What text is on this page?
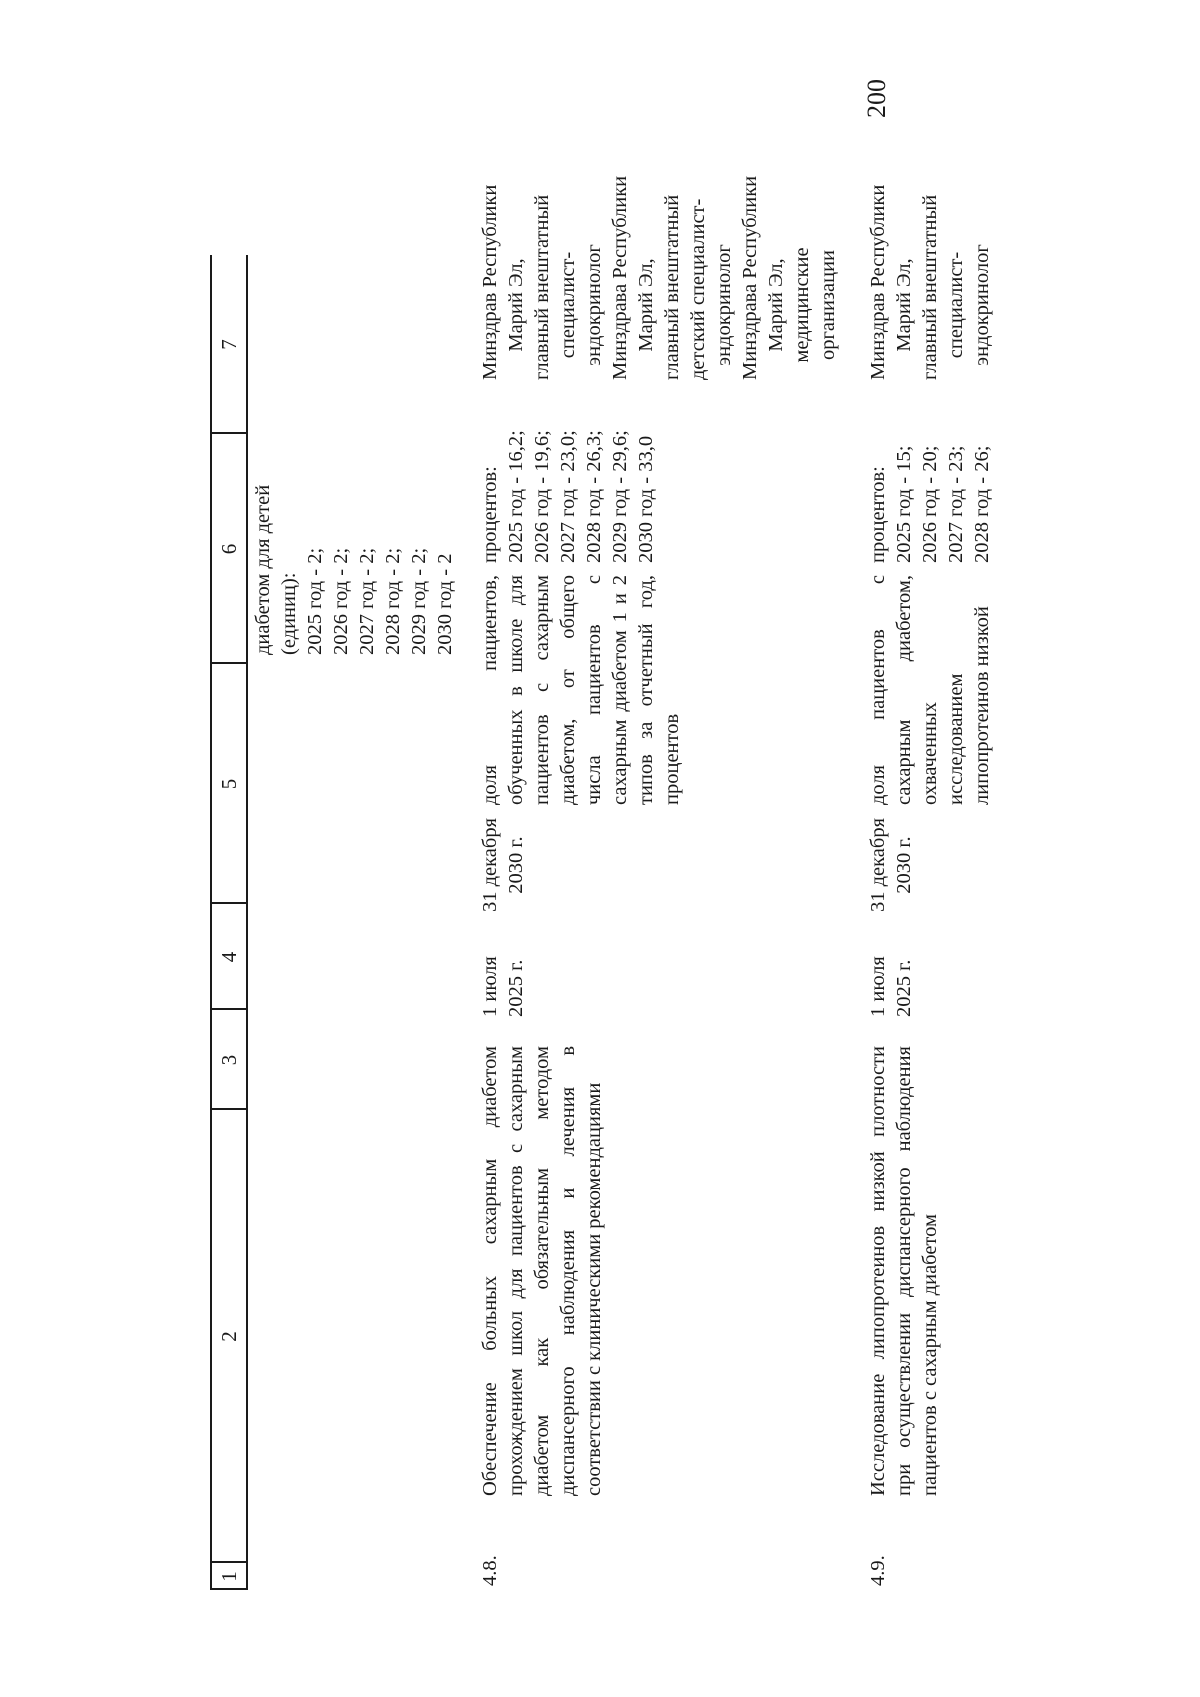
200
1
2
3
4
5
6
7
диабетом для детей (единиц): 2025 год - 2; 2026 год - 2; 2027 год - 2; 2028 год - 2; 2029 год - 2; 2030 год - 2
4.8.
Обеспечение больных сахарным диабетом прохождением школ для пациентов с сахарным диабетом как обязательным методом диспансерного наблюдения и лечения в соответствии с клиническими рекомендациями
1 июля 2025 г.
31 декабря 2030 г.
доля пациентов, обученных в школе для пациентов с сахарным диабетом, от общего числа пациентов с сахарным диабетом 1 и 2 типов за отчетный год, процентов
процентов: 2025 год - 16,2; 2026 год - 19,6; 2027 год - 23,0; 2028 год - 26,3; 2029 год - 29,6; 2030 год - 33,0
Минздрав Республики Марий Эл, главный внештатный специалист- эндокринолог Минздрава Республики Марий Эл, главный внештатный детский специалист- эндокринолог Минздрава Республики Марий Эл, медицинские организации
4.9.
Исследование липопротеинов низкой плотности при осуществлении диспансерного наблюдения пациентов с сахарным диабетом
1 июля 2025 г.
31 декабря 2030 г.
доля пациентов с сахарным диабетом, охваченных исследованием липопротеинов низкой
процентов: 2025 год - 15; 2026 год - 20; 2027 год - 23; 2028 год - 26;
Минздрав Республики Марий Эл, главный внештатный специалист- эндокринолог
